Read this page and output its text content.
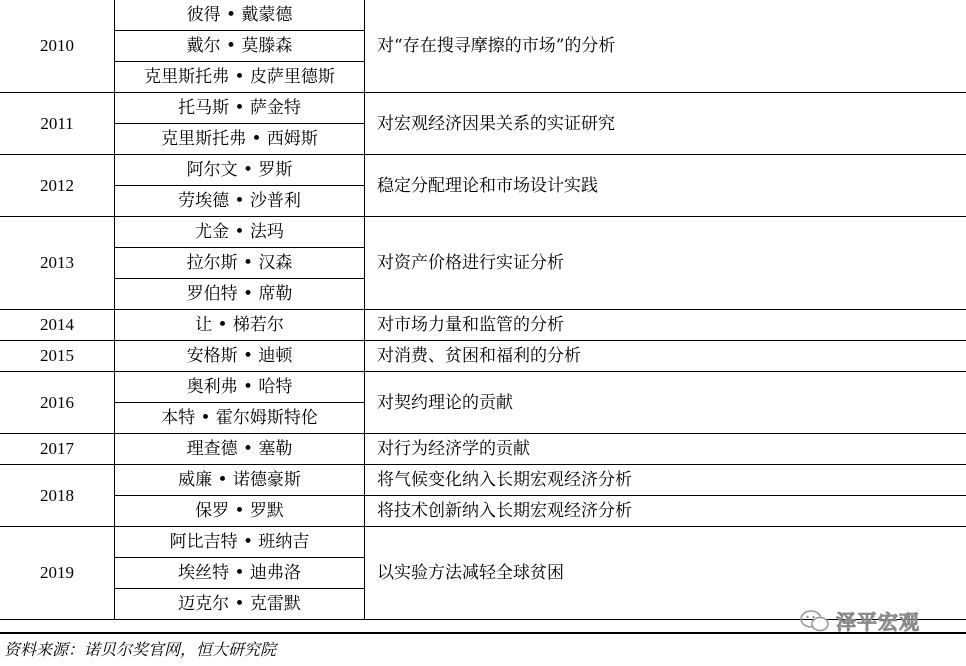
2010	彼得 • 戴蒙德	对“存在搜寻摩擦的市场”的分析
	戴尔 • 莫滕森	
	克里斯托弗 • 皮萨里德斯	
2011	托马斯 • 萨金特	对宏观经济因果关系的实证研究
	克里斯托弗 • 西姆斯	
2012	阿尔文 • 罗斯	稳定分配理论和市场设计实践
	劳埃德 • 沙普利	
2013	尤金 • 法玛	对资产价格进行实证分析
	拉尔斯 • 汉森	
	罗伯特 • 席勒	
2014	让 • 梯若尔	对市场力量和监管的分析
2015	安格斯 • 迪顿	对消费、贫困和福利的分析
2016	奥利弗 • 哈特	对契约理论的贡献
	本特 • 霍尔姆斯特伦	
2017	理查德 • 塞勒	对行为经济学的贡献
2018	威廉 • 诺德豪斯	将气候变化纳入长期宏观经济分析
	保罗 • 罗默	将技术创新纳入长期宏观经济分析
2019	阿比吉特 • 班纳吉	以实验方法减轻全球贫困
	埃丝特 • 迪弗洛	
	迈克尔 • 克雷默	
资料来源：诺贝尔奖官网，恒大研究院
泽平宏观
